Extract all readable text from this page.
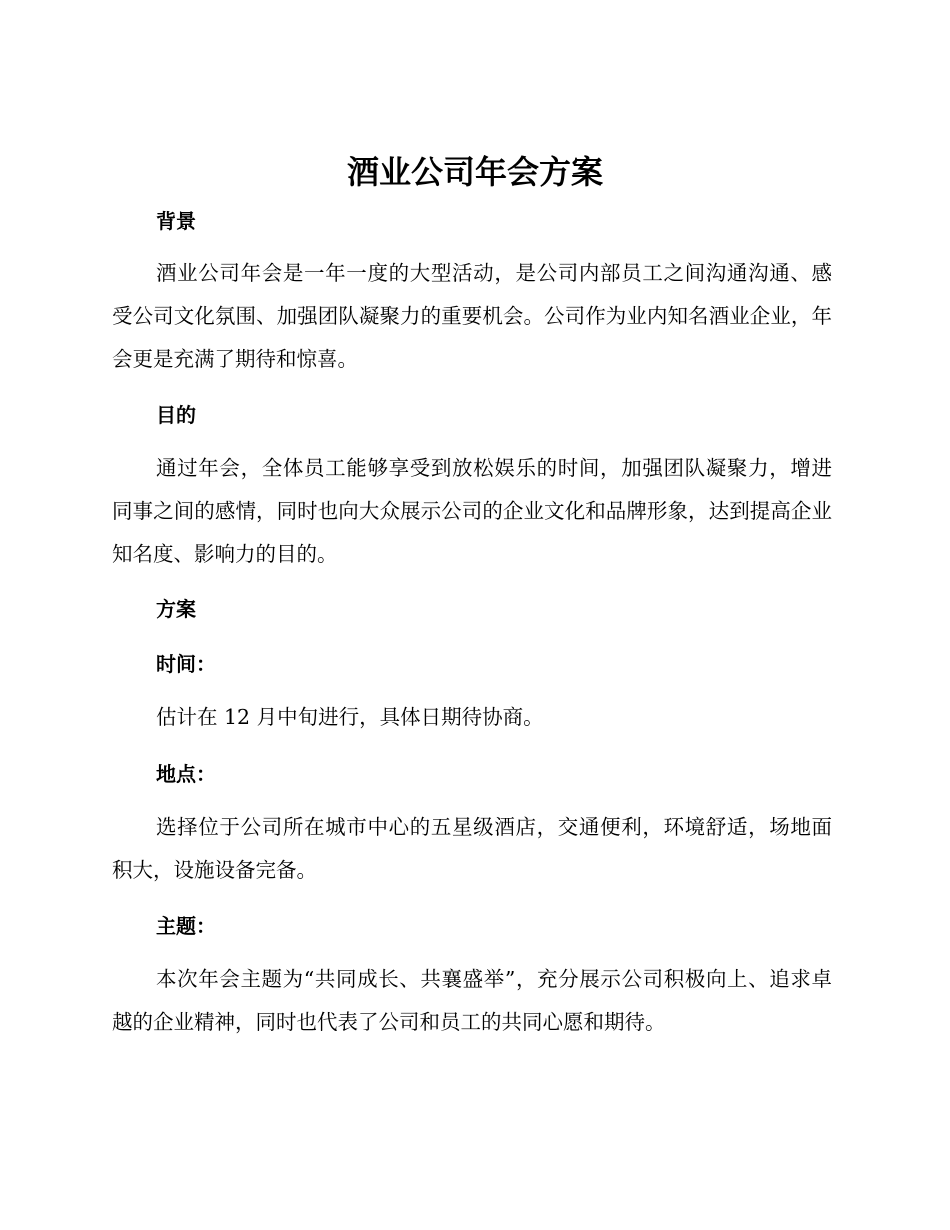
酒业公司年会方案
背景

酒业公司年会是一年一度的大型活动，是公司内部员工之间沟通沟通、感受公司文化氛围、加强团队凝聚力的重要机会。公司作为业内知名酒业企业，年会更是充满了期待和惊喜。

目的

通过年会，全体员工能够享受到放松娱乐的时间，加强团队凝聚力，增进同事之间的感情，同时也向大众展示公司的企业文化和品牌形象，达到提高企业知名度、影响力的目的。

方案
时间：

估计在 12 月中旬进行，具体日期待协商。

地点：

选择位于公司所在城市中心的五星级酒店，交通便利，环境舒适，场地面积大，设施设备完备。

主题：

本次年会主题为“共同成长、共襄盛举”，充分展示公司积极向上、追求卓越的企业精神，同时也代表了公司和员工的共同心愿和期待。
